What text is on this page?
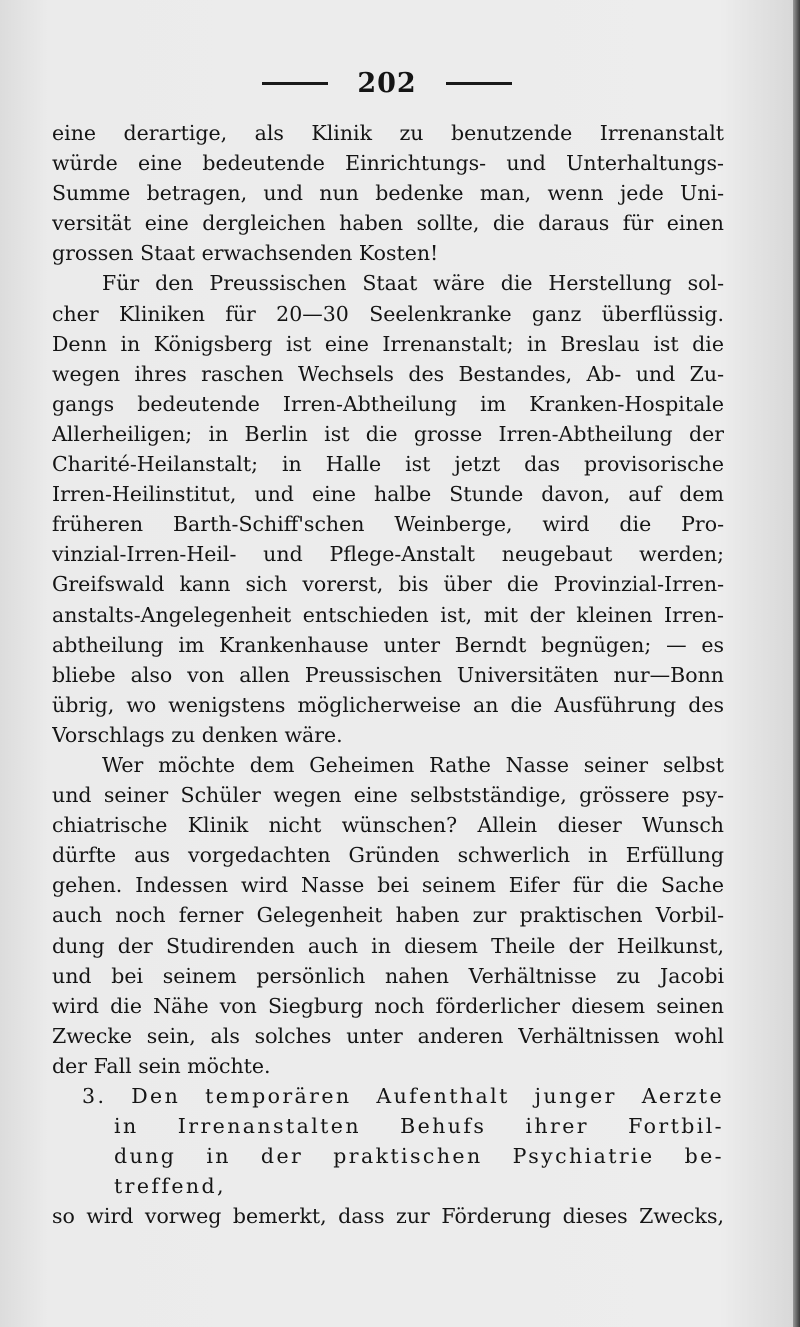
202
eine derartige, als Klinik zu benutzende Irrenanstalt
würde eine bedeutende Einrichtungs- und Unterhaltungs-
Summe betragen, und nun bedenke man, wenn jede Uni-
versität eine dergleichen haben sollte, die daraus für einen
grossen Staat erwachsenden Kosten!
Für den Preussischen Staat wäre die Herstellung sol-
cher Kliniken für 20—30 Seelenkranke ganz überflüssig.
Denn in Königsberg ist eine Irrenanstalt; in Breslau ist die
wegen ihres raschen Wechsels des Bestandes, Ab- und Zu-
gangs bedeutende Irren-Abtheilung im Kranken-Hospitale
Allerheiligen; in Berlin ist die grosse Irren-Abtheilung der
Charité-Heilanstalt; in Halle ist jetzt das provisorische
Irren-Heilinstitut, und eine halbe Stunde davon, auf dem
früheren Barth-Schiff'schen Weinberge, wird die Pro-
vinzial-Irren-Heil- und Pflege-Anstalt neugebaut werden;
Greifswald kann sich vorerst, bis über die Provinzial-Irren-
anstalts-Angelegenheit entschieden ist, mit der kleinen Irren-
abtheilung im Krankenhause unter Berndt begnügen; — es
bliebe also von allen Preussischen Universitäten nur—Bonn
übrig, wo wenigstens möglicherweise an die Ausführung des
Vorschlags zu denken wäre.
Wer möchte dem Geheimen Rathe Nasse seiner selbst
und seiner Schüler wegen eine selbstständige, grössere psy-
chiatrische Klinik nicht wünschen? Allein dieser Wunsch
dürfte aus vorgedachten Gründen schwerlich in Erfüllung
gehen. Indessen wird Nasse bei seinem Eifer für die Sache
auch noch ferner Gelegenheit haben zur praktischen Vorbil-
dung der Studirenden auch in diesem Theile der Heilkunst,
und bei seinem persönlich nahen Verhältnisse zu Jacobi
wird die Nähe von Siegburg noch förderlicher diesem seinen
Zwecke sein, als solches unter anderen Verhältnissen wohl
der Fall sein möchte.
3. Den temporären Aufenthalt junger Aerzte
in Irrenanstalten Behufs ihrer Fortbil-
dung in der praktischen Psychiatrie be-
treffend,
so wird vorweg bemerkt, dass zur Förderung dieses Zwecks,
